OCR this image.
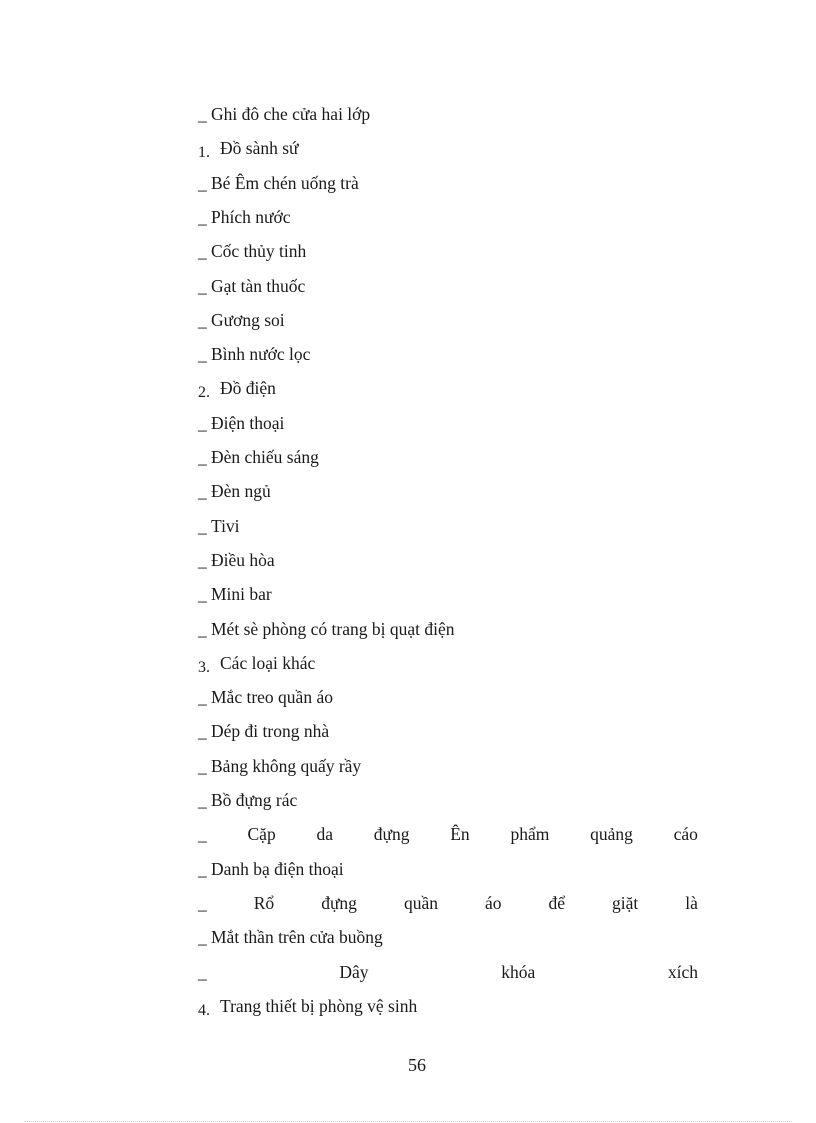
_ Ghi đô che cửa hai lớp
1. Đồ sành sứ
_ Bé Êm chén uống trà
_ Phích nước
_ Cốc thủy tinh
_ Gạt tàn thuốc
_ Gương soi
_ Bình nước lọc
2. Đồ điện
_ Điện thoại
_ Đèn chiếu sáng
_ Đèn ngủ
_ Tivi
_ Điều hòa
_ Mini bar
_ Mét sè phòng có trang bị quạt điện
3. Các loại khác
_ Mắc treo quần áo
_ Dép đi trong nhà
_ Bảng không quấy rầy
_ Bồ đựng rác
_ Cặp da đựng Ên phẩm quảng cáo
_ Danh bạ điện thoại
_	Rổ	đựng	quần	áo	để	giặt	là
_ Mắt thần trên cửa buồng
_	Dây	khóa	xích
4. Trang thiết bị phòng vệ sinh
56
